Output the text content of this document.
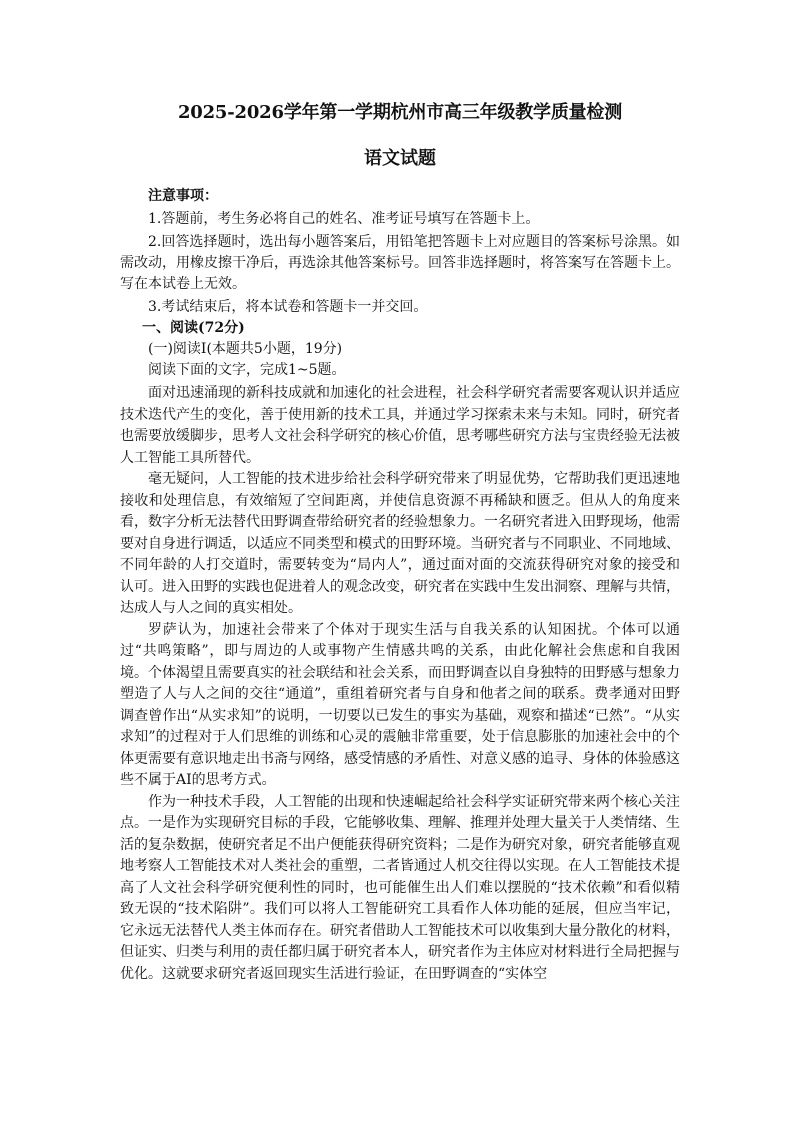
2025-2026学年第一学期杭州市高三年级教学质量检测
语文试题
注意事项：

1.答题前，考生务必将自己的姓名、准考证号填写在答题卡上。

2.回答选择题时，选出每小题答案后，用铅笔把答题卡上对应题目的答案标号涂黑。如需改动，用橡皮擦干净后，再选涂其他答案标号。回答非选择题时，将答案写在答题卡上。写在本试卷上无效。

3.考试结束后，将本试卷和答题卡一并交回。

一、阅读(72分)
(一)阅读Ⅰ(本题共5小题，19分)
阅读下面的文字，完成1~5题。

面对迅速涌现的新科技成就和加速化的社会进程，社会科学研究者需要客观认识并适应技术迭代产生的变化，善于使用新的技术工具，并通过学习探索未来与未知。同时，研究者也需要放缓脚步，思考人文社会科学研究的核心价值，思考哪些研究方法与宝贵经验无法被人工智能工具所替代。

毫无疑问，人工智能的技术进步给社会科学研究带来了明显优势，它帮助我们更迅速地接收和处理信息，有效缩短了空间距离，并使信息资源不再稀缺和匮乏。但从人的角度来看，数字分析无法替代田野调查带给研究者的经验想象力。一名研究者进入田野现场，他需要对自身进行调适，以适应不同类型和模式的田野环境。当研究者与不同职业、不同地域、不同年龄的人打交道时，需要转变为“局内人”，通过面对面的交流获得研究对象的接受和认可。进入田野的实践也促进着人的观念改变，研究者在实践中生发出洞察、理解与共情，达成人与人之间的真实相处。

罗萨认为，加速社会带来了个体对于现实生活与自我关系的认知困扰。个体可以通过“共鸣策略”，即与周边的人或事物产生情感共鸣的关系，由此化解社会焦虑和自我困境。个体渴望且需要真实的社会联结和社会关系，而田野调查以自身独特的田野感与想象力塑造了人与人之间的交往“通道”，重组着研究者与自身和他者之间的联系。费孝通对田野调查曾作出“从实求知”的说明，一切要以已发生的事实为基础，观察和描述“已然”。“从实求知”的过程对于人们思维的训练和心灵的震触非常重要，处于信息膨胀的加速社会中的个体更需要有意识地走出书斋与网络，感受情感的矛盾性、对意义感的追寻、身体的体验感这些不属于AI的思考方式。

作为一种技术手段，人工智能的出现和快速崛起给社会科学实证研究带来两个核心关注点。一是作为实现研究目标的手段，它能够收集、理解、推理并处理大量关于人类情绪、生活的复杂数据，使研究者足不出户便能获得研究资料；二是作为研究对象，研究者能够直观地考察人工智能技术对人类社会的重塑，二者皆通过人机交往得以实现。在人工智能技术提高了人文社会科学研究便利性的同时，也可能催生出人们难以摆脱的“技术依赖”和看似精致无误的“技术陷阱”。我们可以将人工智能研究工具看作人体功能的延展，但应当牢记，它永远无法替代人类主体而存在。研究者借助人工智能技术可以收集到大量分散化的材料，但证实、归类与利用的责任都归属于研究者本人，研究者作为主体应对材料进行全局把握与优化。这就要求研究者返回现实生活进行验证，在田野调查的“实体空
